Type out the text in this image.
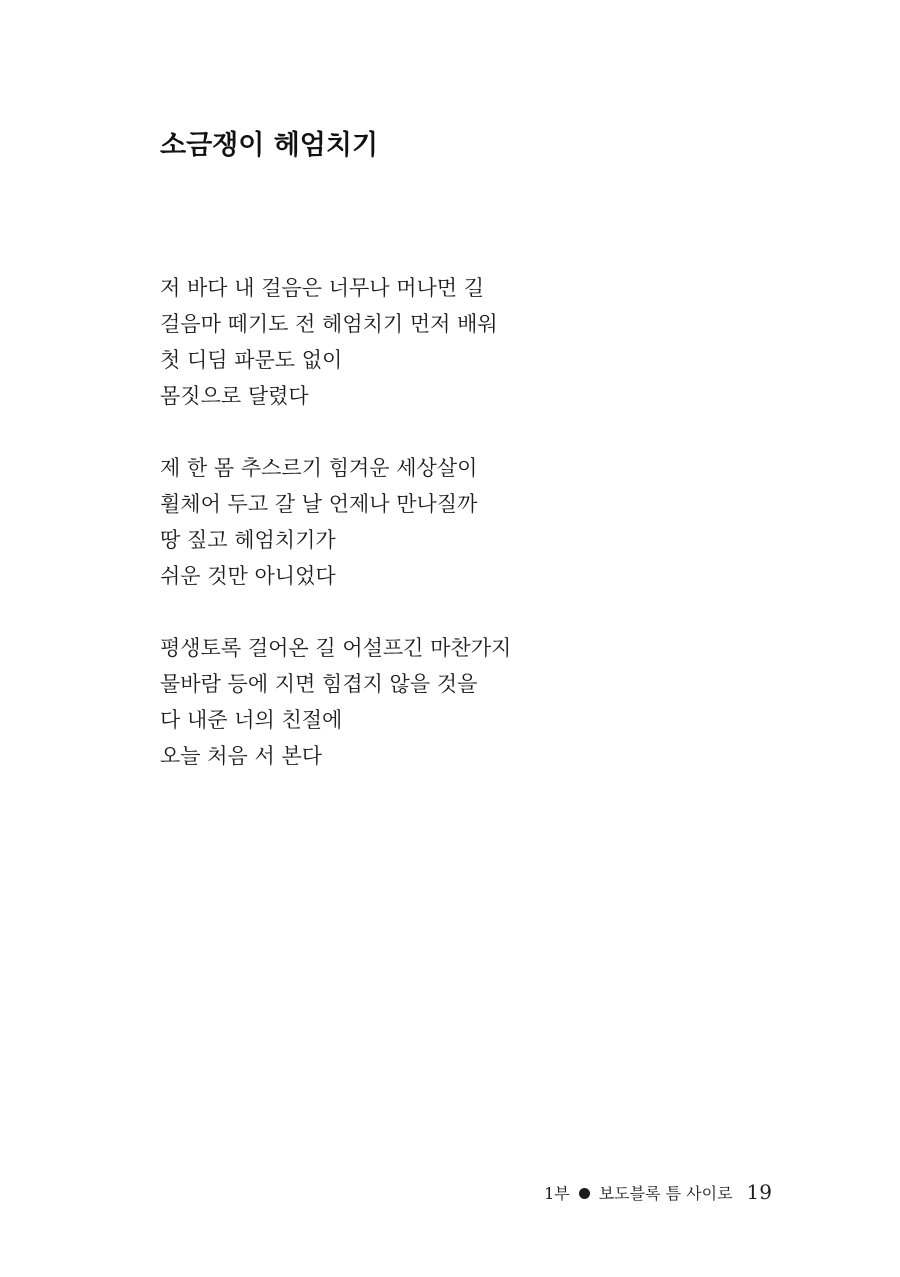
소금쟁이 헤엄치기
저 바다 내 걸음은 너무나 머나먼 길
걸음마 떼기도 전 헤엄치기 먼저 배워
첫 디딤 파문도 없이
몸짓으로 달렸다
제 한 몸 추스르기 힘겨운 세상살이
휠체어 두고 갈 날 언제나 만나질까
땅 짚고 헤엄치기가
쉬운 것만 아니었다
평생토록 걸어온 길 어설프긴 마찬가지
물바람 등에 지면 힘겹지 않을 것을
다 내준 너의 친절에
오늘 처음 서 본다
1부 보도블록 틈 사이로 19
